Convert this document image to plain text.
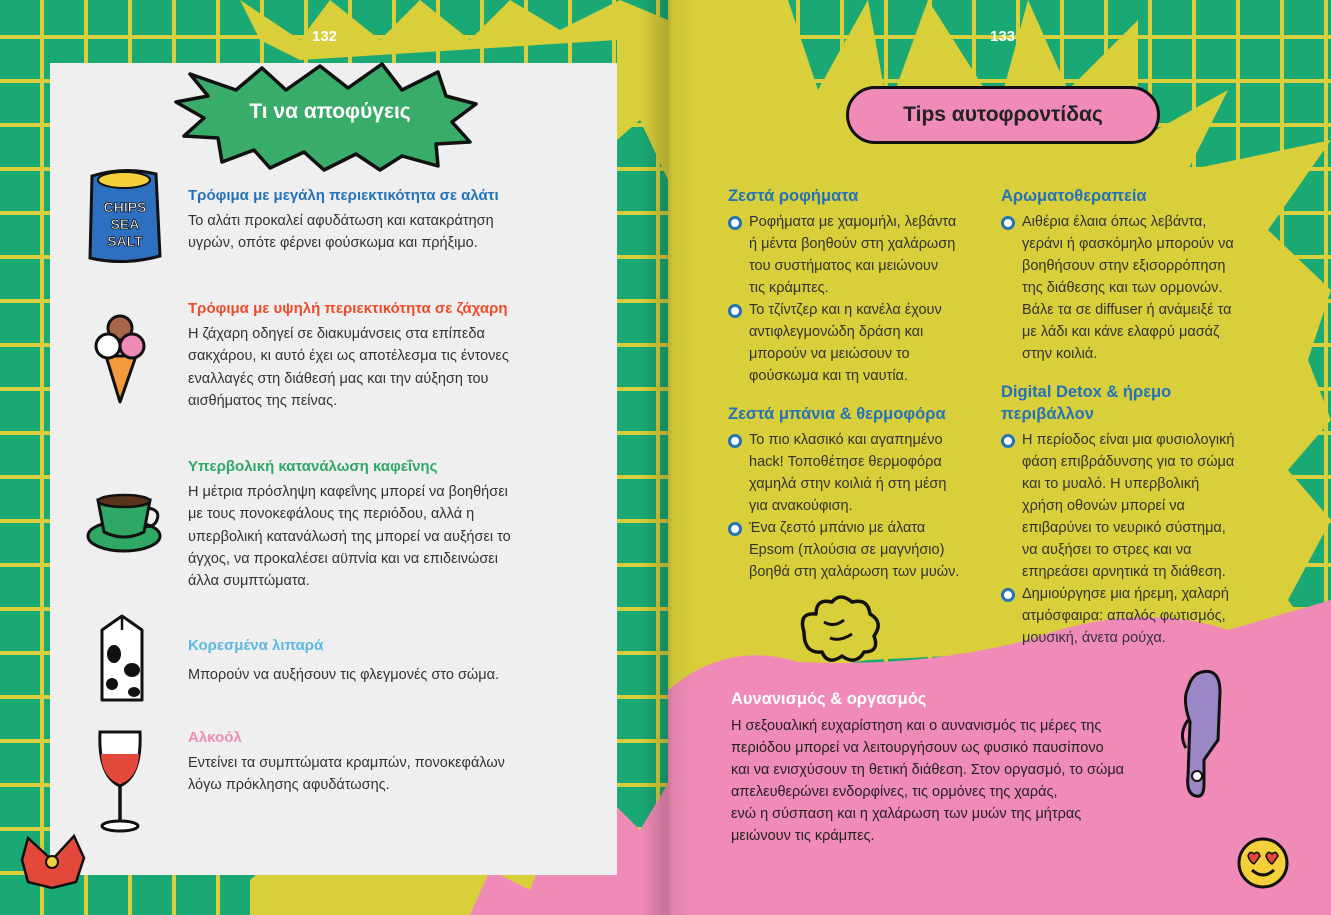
132	133
Τι να αποφύγεις
CHIPS
SEA
SALT
Τρόφιμα με μεγάλη περιεκτικότητα σε αλάτι

Το αλάτι προκαλεί αφυδάτωση και κατακράτηση
υγρών, οπότε φέρνει φούσκωμα και πρήξιμο.

Τρόφιμα με υψηλή περιεκτικότητα σε ζάχαρη

Η ζάχαρη οδηγεί σε διακυμάνσεις στα επίπεδα
σακχάρου, κι αυτό έχει ως αποτέλεσμα τις έντονες
εναλλαγές στη διάθεσή μας και την αύξηση του
αισθήματος της πείνας.

Υπερβολική κατανάλωση καφεΐνης

Η μέτρια πρόσληψη καφεΐνης μπορεί να βοηθήσει
με τους πονοκεφάλους της περιόδου, αλλά η
υπερβολική κατανάλωσή της μπορεί να αυξήσει το
άγχος, να προκαλέσει αϋπνία και να επιδεινώσει
άλλα συμπτώματα.

Κορεσμένα λιπαρά

Μπορούν να αυξήσουν τις φλεγμονές στο σώμα.

Αλκοόλ

Εντείνει τα συμπτώματα κραμπών, πονοκεφάλων
λόγω πρόκλησης αφυδάτωσης.

Tips αυτοφροντίδας
Ζεστά ροφήματα
Ροφήματα με χαμομήλι, λεβάντα
ή μέντα βοηθούν στη χαλάρωση
του συστήματος και μειώνουν
τις κράμπες.
Το τζίντζερ και η κανέλα έχουν
αντιφλεγμονώδη δράση και
μπορούν να μειώσουν το
φούσκωμα και τη ναυτία.
Ζεστά μπάνια & θερμοφόρα
Το πιο κλασικό και αγαπημένο
hack! Τοποθέτησε θερμοφόρα
χαμηλά στην κοιλιά ή στη μέση
για ανακούφιση.
Ένα ζεστό μπάνιο με άλατα
Epsom (πλούσια σε μαγνήσιο)
βοηθά στη χαλάρωση των μυών.
Αρωματοθεραπεία
Αιθέρια έλαια όπως λεβάντα,
γεράνι ή φασκόμηλο μπορούν να
βοηθήσουν στην εξισορρόπηση
της διάθεσης και των ορμονών.
Βάλε τα σε diffuser ή ανάμειξέ τα
με λάδι και κάνε ελαφρύ μασάζ
στην κοιλιά.
Digital Detox & ήρεμο
περιβάλλον
Η περίοδος είναι μια φυσιολογική
φάση επιβράδυνσης για το σώμα
και το μυαλό. Η υπερβολική
χρήση οθονών μπορεί να
επιβαρύνει το νευρικό σύστημα,
να αυξήσει το στρες και να
επηρεάσει αρνητικά τη διάθεση.
Δημιούργησε μια ήρεμη, χαλαρή
ατμόσφαιρα: απαλός φωτισμός,
μουσική, άνετα ρούχα.
Αυνανισμός & οργασμός

Η σεξουαλική ευχαρίστηση και ο αυνανισμός τις μέρες της
περιόδου μπορεί να λειτουργήσουν ως φυσικό παυσίπονο
και να ενισχύσουν τη θετική διάθεση. Στον οργασμό, το σώμα
απελευθερώνει ενδορφίνες, τις ορμόνες της χαράς,
ενώ η σύσπαση και η χαλάρωση των μυών της μήτρας
μειώνουν τις κράμπες.
